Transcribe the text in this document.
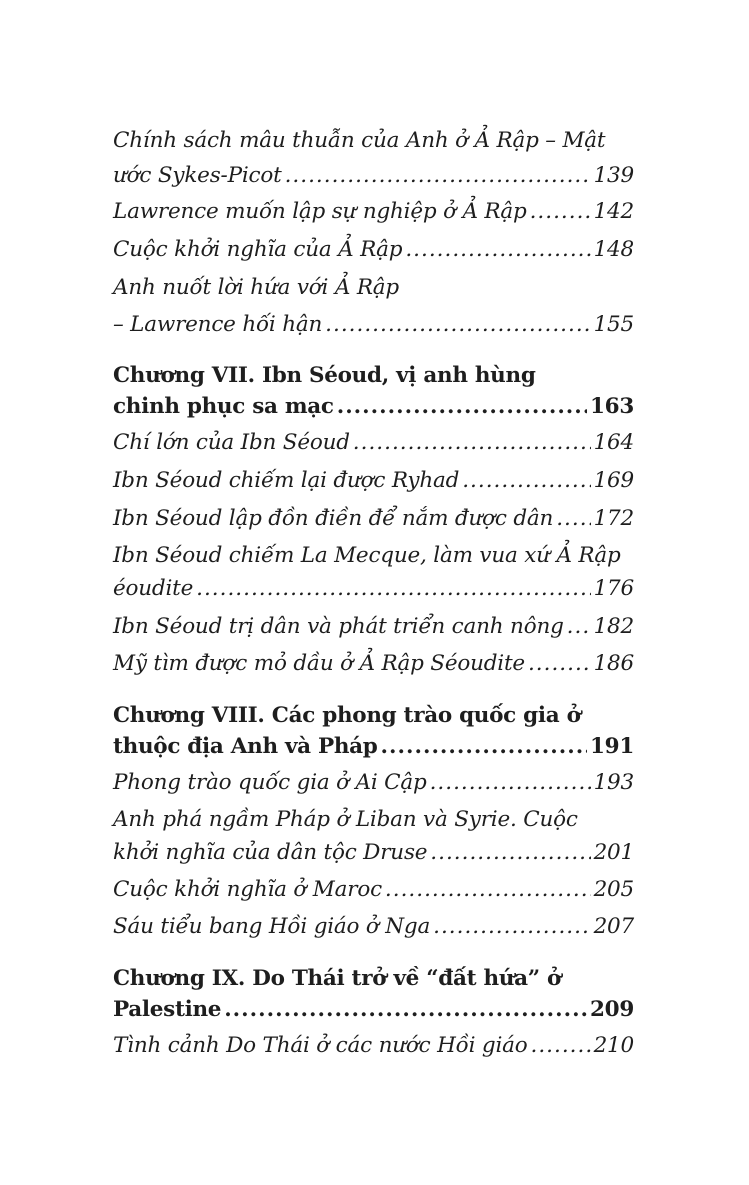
Chính sách mâu thuẫn của Anh ở Ả Rập – Mật
ước Sykes-Picot .....	139
Lawrence muốn lập sự nghiệp ở Ả Rập .....	142
Cuộc khởi nghĩa của Ả Rập .....	148
Anh nuốt lời hứa với Ả Rập
– Lawrence hối hận .....	155
Chương VII. Ibn Séoud, vị anh hùng
chinh phục sa mạc .....	163
Chí lớn của Ibn Séoud .....	164
Ibn Séoud chiếm lại được Ryhad .....	169
Ibn Séoud lập đồn điền để nắm được dân ..... 172
Ibn Séoud chiếm La Mecque, làm vua xứ Ả Rập
éoudite .....	176
Ibn Séoud trị dân và phát triển canh nông ..... 182
Mỹ tìm được mỏ dầu ở Ả Rập Séoudite .....	186
Chương VIII. Các phong trào quốc gia ở
thuộc địa Anh và Pháp .....	191
Phong trào quốc gia ở Ai Cập .....	193
Anh phá ngầm Pháp ở Liban và Syrie. Cuộc
khởi nghĩa của dân tộc Druse .....	201
Cuộc khởi nghĩa ở Maroc .....	205
Sáu tiểu bang Hồi giáo ở Nga .....	207
Chương IX. Do Thái trở về “đất hứa” ở
Palestine .....	209
Tình cảnh Do Thái ở các nước Hồi giáo .....	210
